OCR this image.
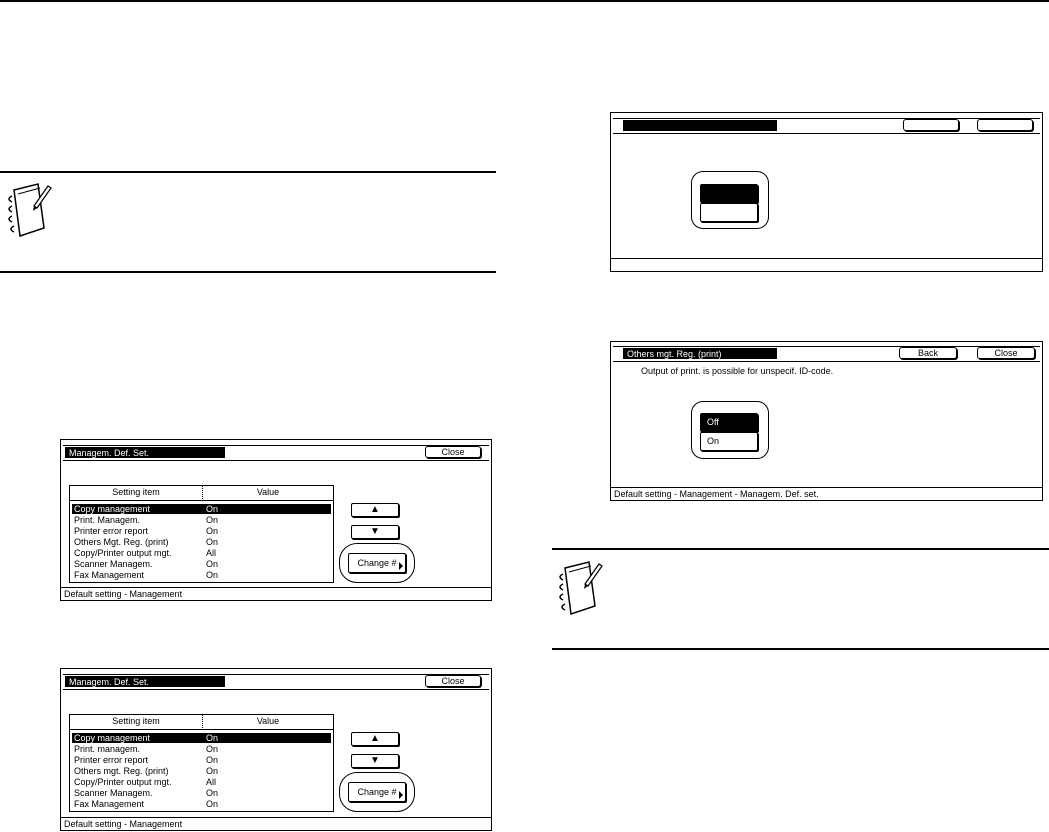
Others mgt. Reg. (print)	Back	Close
Output of print. is possible for unspecif. ID-code.
Off
On
Default setting - Management - Managem. Def. set.
Managem. Def. Set.	Close
Setting item	Value
Copy management	On
Print. Managem.	On
Printer error report	On
Others Mgt. Reg. (print)	On
Copy/Printer output mgt.	All
Scanner Managem.	On
Fax Management	On
▲
▼
Change #
Default setting - Management
Managem. Def. Set.	Close
Setting item	Value
Copy management	On
Print. managem.	On
Printer error report	On
Others mgt. Reg. (print)	On
Copy/Printer output mgt.	All
Scanner Managem.	On
Fax Management	On
▲
▼
Change #
Default setting - Management
